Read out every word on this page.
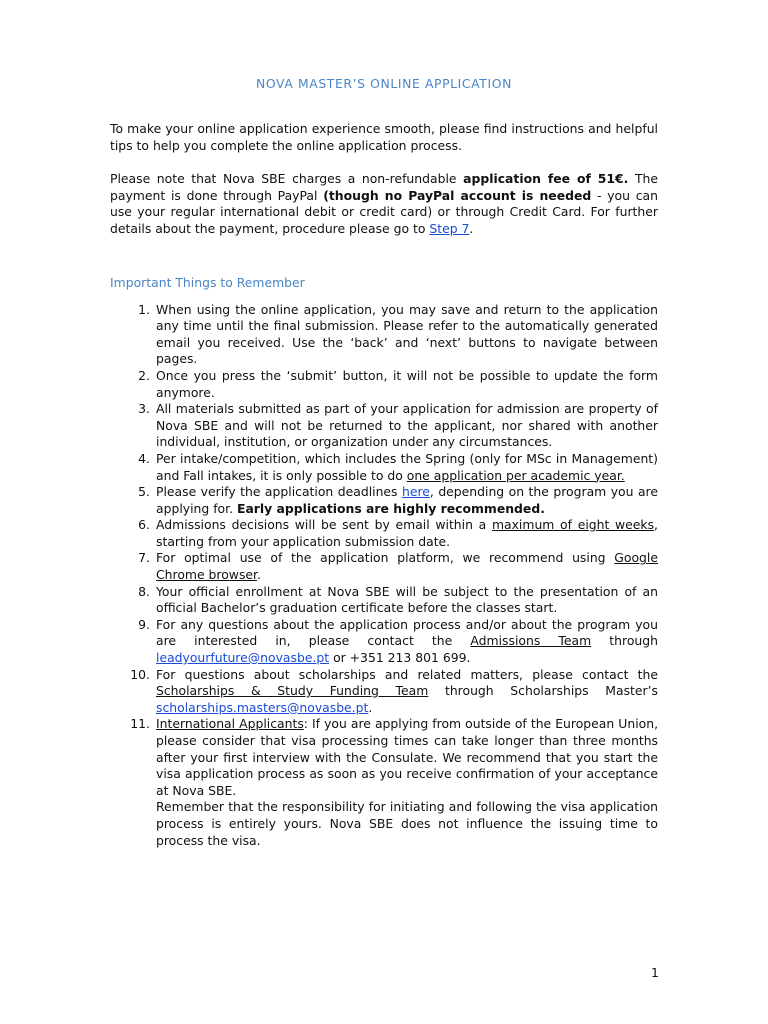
NOVA MASTER’S ONLINE APPLICATION

To make your online application experience smooth, please find instructions and helpful tips to help you complete the online application process.

Please note that Nova SBE charges a non-refundable application fee of 51€. The payment is done through PayPal (though no PayPal account is needed - you can use your regular international debit or credit card) or through Credit Card. For further details about the payment, procedure please go to Step 7.

Important Things to Remember
1. When using the online application, you may save and return to the application any time until the final submission. Please refer to the automatically generated email you received. Use the ‘back’ and ‘next’ buttons to navigate between pages.
2. Once you press the ‘submit’ button, it will not be possible to update the form anymore.
3. All materials submitted as part of your application for admission are property of Nova SBE and will not be returned to the applicant, nor shared with another individual, institution, or organization under any circumstances.
4. Per intake/competition, which includes the Spring (only for MSc in Management) and Fall intakes, it is only possible to do one application per academic year.
5. Please verify the application deadlines here, depending on the program you are applying for. Early applications are highly recommended.
6. Admissions decisions will be sent by email within a maximum of eight weeks, starting from your application submission date.
7. For optimal use of the application platform, we recommend using Google Chrome browser.
8. Your official enrollment at Nova SBE will be subject to the presentation of an official Bachelor’s graduation certificate before the classes start.
9. For any questions about the application process and/or about the program you are interested in, please contact the Admissions Team through leadyourfuture@novasbe.pt or +351 213 801 699.
10. For questions about scholarships and related matters, please contact the Scholarships & Study Funding Team through Scholarships Master’s scholarships.masters@novasbe.pt.
11. International Applicants: If you are applying from outside of the European Union, please consider that visa processing times can take longer than three months after your first interview with the Consulate. We recommend that you start the visa application process as soon as you receive confirmation of your acceptance at Nova SBE.
Remember that the responsibility for initiating and following the visa application process is entirely yours. Nova SBE does not influence the issuing time to process the visa.
1
